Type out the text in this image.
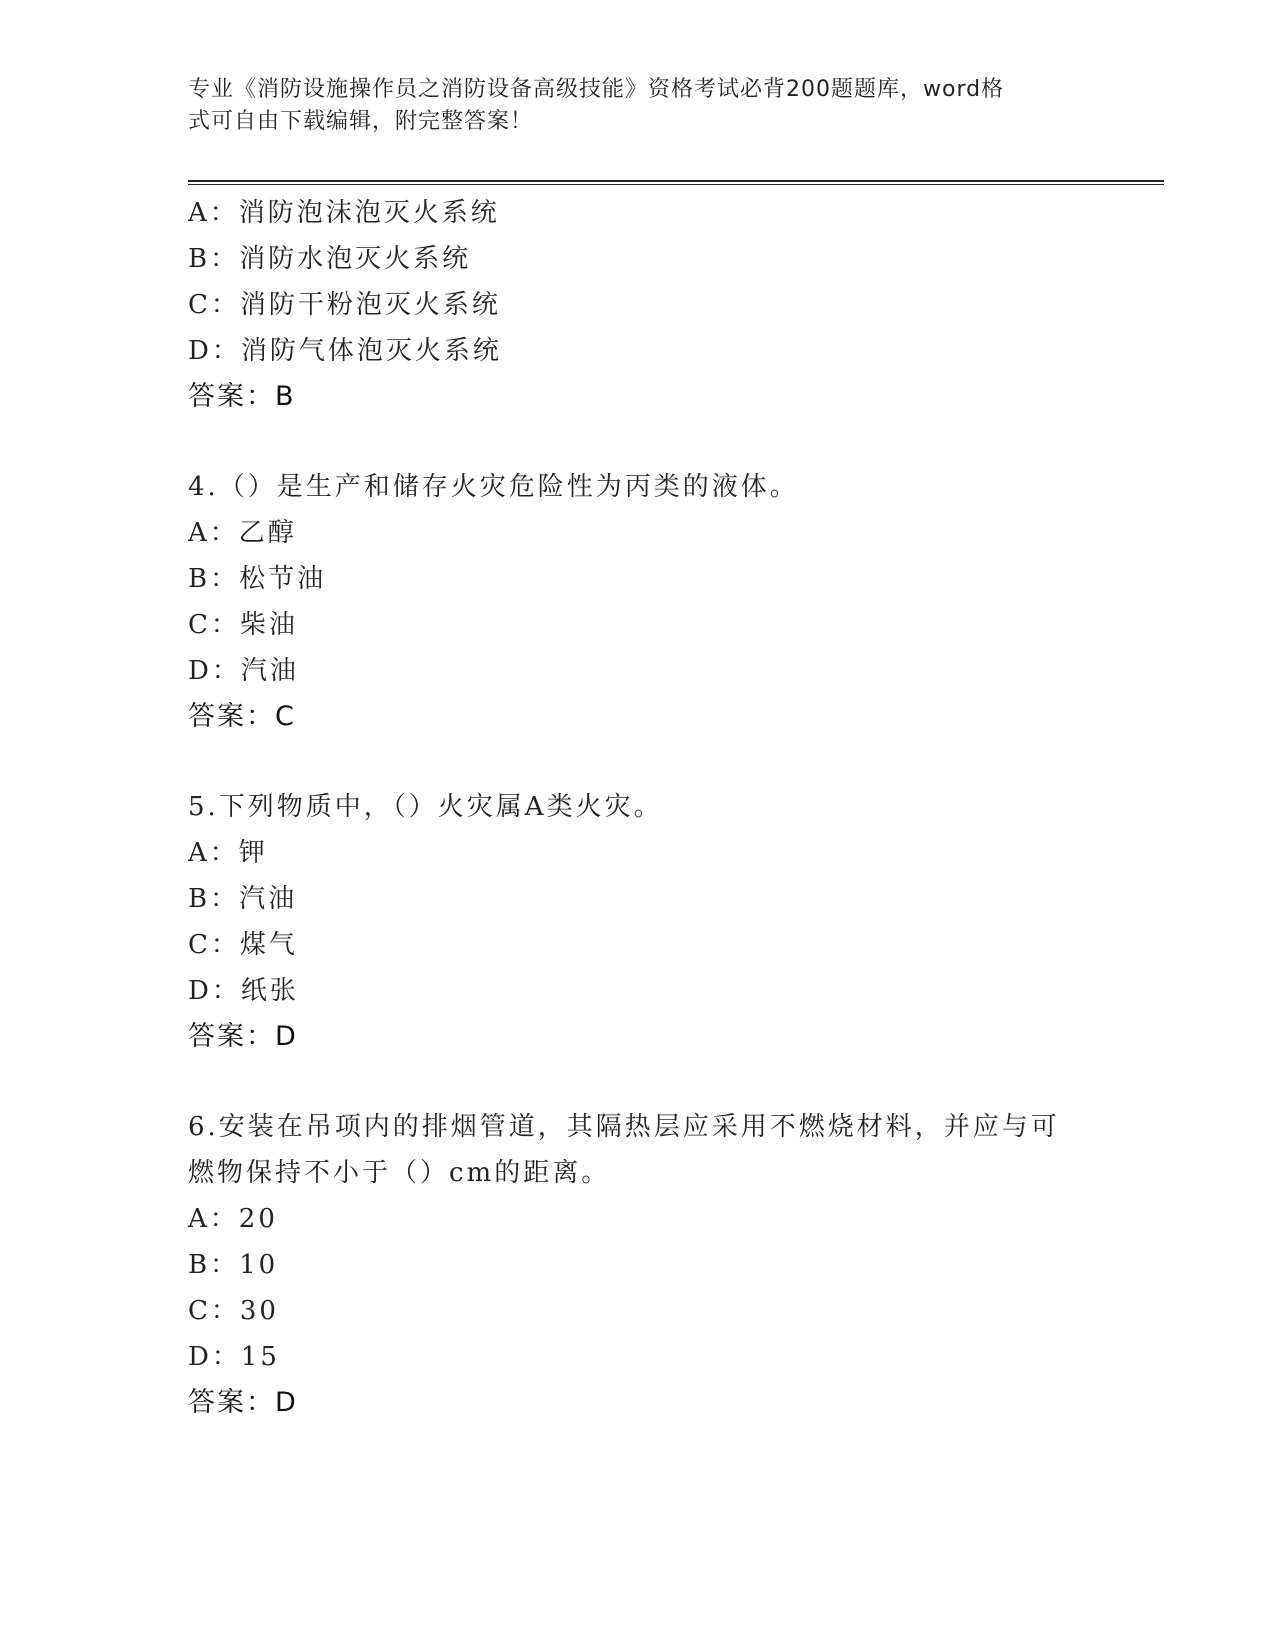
专业《消防设施操作员之消防设备高级技能》资格考试必背200题题库，word格
式可自由下载编辑，附完整答案！
A：消防泡沫泡灭火系统
B：消防水泡灭火系统
C：消防干粉泡灭火系统
D：消防气体泡灭火系统
答案：B
4.（）是生产和储存火灾危险性为丙类的液体。
A：乙醇
B：松节油
C：柴油
D：汽油
答案：C
5.下列物质中，（）火灾属A类火灾。
A：钾
B：汽油
C：煤气
D：纸张
答案：D
6.安装在吊项内的排烟管道，其隔热层应采用不燃烧材料，并应与可
燃物保持不小于（）cm的距离。
A：20
B：10
C：30
D：15
答案：D
